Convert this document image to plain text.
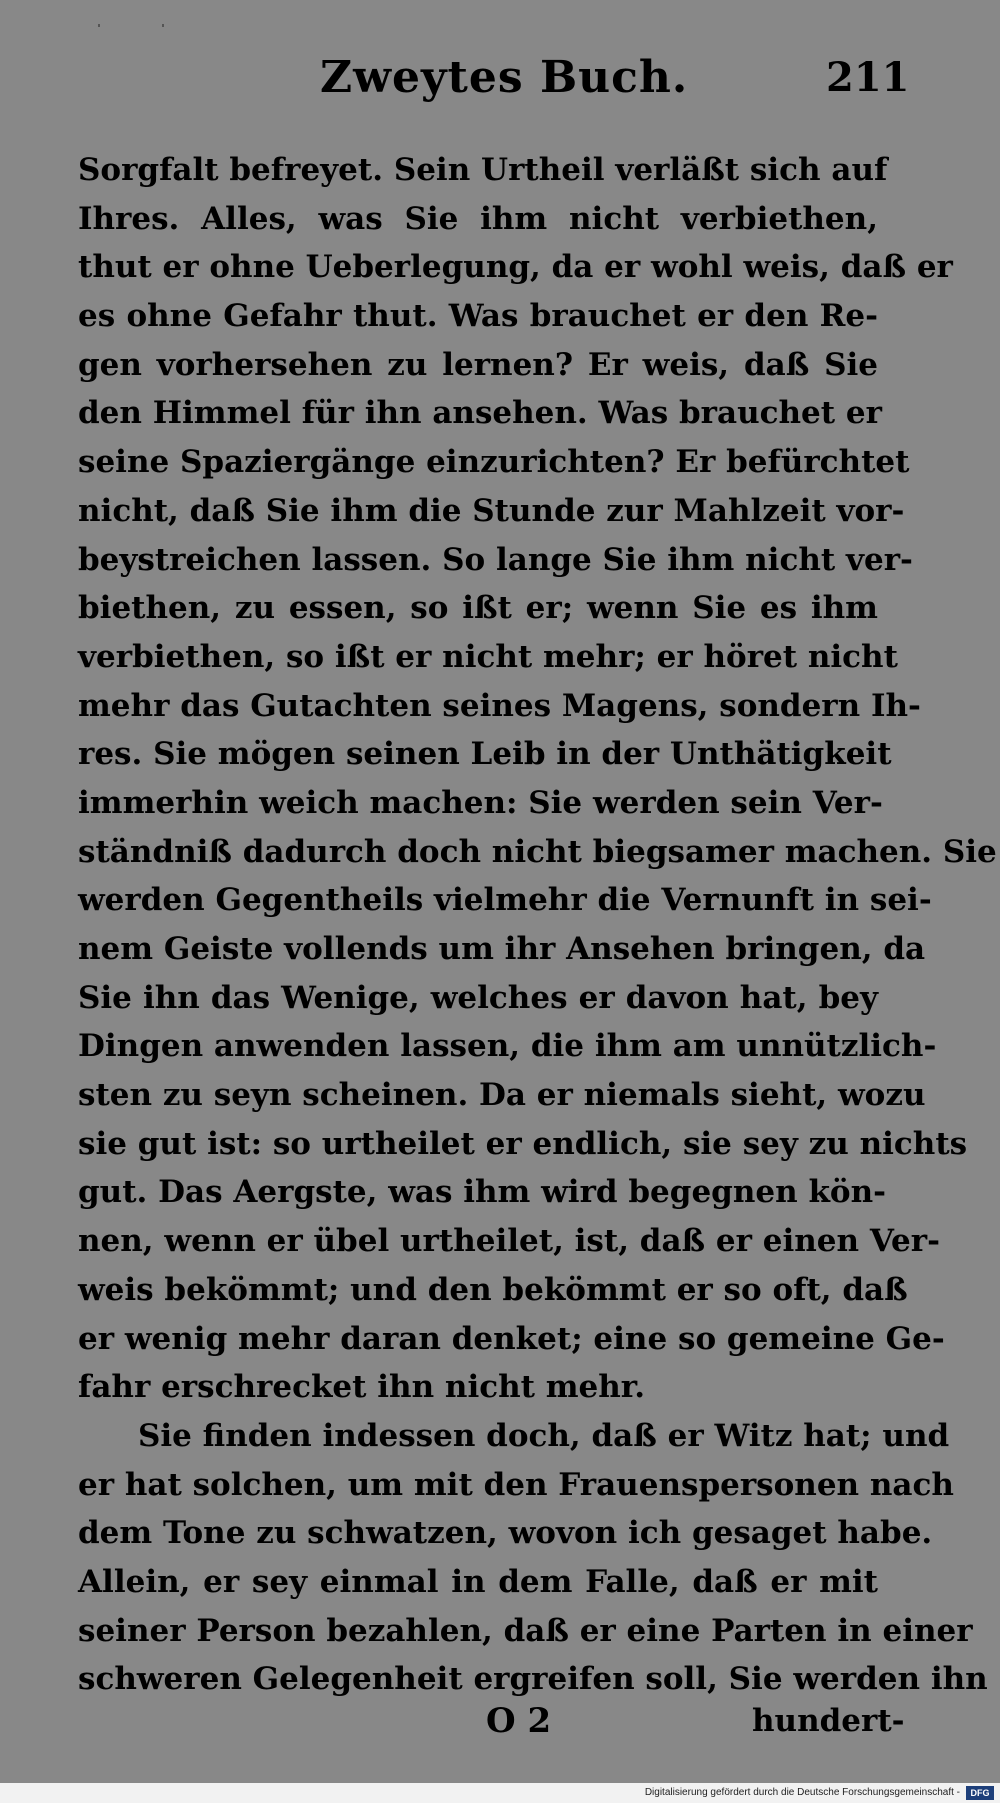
Zweytes Buch.	211
Sorgfalt befreyet. Sein Urtheil verläßt sich auf
Ihres. Alles, was Sie ihm nicht verbiethen,
thut er ohne Ueberlegung, da er wohl weis, daß er
es ohne Gefahr thut. Was brauchet er den Re-
gen vorhersehen zu lernen? Er weis, daß Sie
den Himmel für ihn ansehen. Was brauchet er
seine Spaziergänge einzurichten? Er befürchtet
nicht, daß Sie ihm die Stunde zur Mahlzeit vor-
beystreichen lassen. So lange Sie ihm nicht ver-
biethen, zu essen, so ißt er; wenn Sie es ihm
verbiethen, so ißt er nicht mehr; er höret nicht
mehr das Gutachten seines Magens, sondern Ih-
res. Sie mögen seinen Leib in der Unthätigkeit
immerhin weich machen: Sie werden sein Ver-
ständniß dadurch doch nicht biegsamer machen. Sie
werden Gegentheils vielmehr die Vernunft in sei-
nem Geiste vollends um ihr Ansehen bringen, da
Sie ihn das Wenige, welches er davon hat, bey
Dingen anwenden lassen, die ihm am unnützlich-
sten zu seyn scheinen. Da er niemals sieht, wozu
sie gut ist: so urtheilet er endlich, sie sey zu nichts
gut. Das Aergste, was ihm wird begegnen kön-
nen, wenn er übel urtheilet, ist, daß er einen Ver-
weis bekömmt; und den bekömmt er so oft, daß
er wenig mehr daran denket; eine so gemeine Ge-
fahr erschrecket ihn nicht mehr.
Sie finden indessen doch, daß er Witz hat; und
er hat solchen, um mit den Frauenspersonen nach
dem Tone zu schwatzen, wovon ich gesaget habe.
Allein, er sey einmal in dem Falle, daß er mit
seiner Person bezahlen, daß er eine Parten in einer
schweren Gelegenheit ergreifen soll, Sie werden ihn
O 2	hundert-
Digitalisierung gefördert durch die Deutsche Forschungsgemeinschaft -	DFG
